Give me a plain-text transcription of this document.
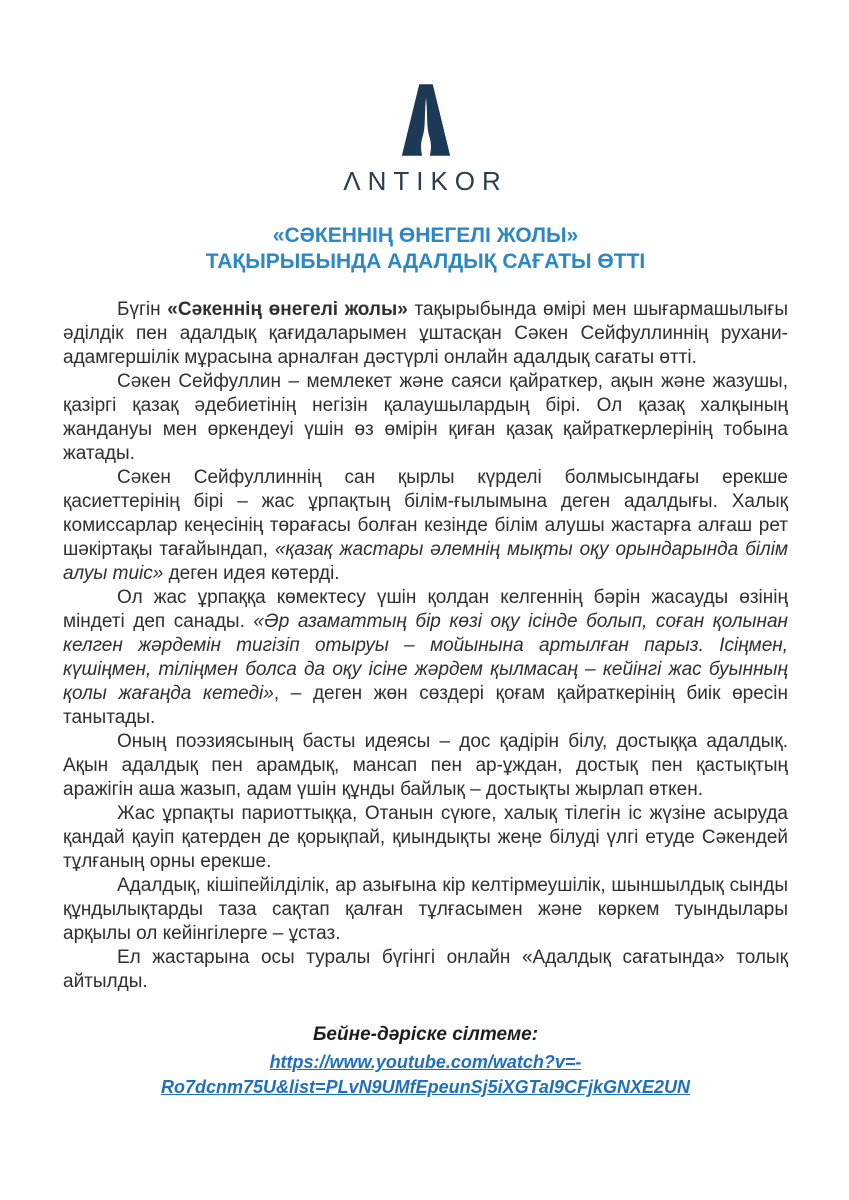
ΛNTIKOR
«СӘКЕННІҢ ӨНЕГЕЛІ ЖОЛЫ»
ТАҚЫРЫБЫНДА АДАЛДЫҚ САҒАТЫ ӨТТІ

Бүгін «Сәкеннің өнегелі жолы» тақырыбында өмірі мен шығармашылығы әділдік пен адалдық қағидаларымен ұштасқан Сәкен Сейфуллиннің рухани-адамгершілік мұрасына арналған дәстүрлі онлайн адалдық сағаты өтті.

Сәкен Сейфуллин – мемлекет және саяси қайраткер, ақын және жазушы, қазіргі қазақ әдебиетінің негізін қалаушылардың бірі. Ол қазақ халқының жандануы мен өркендеуі үшін өз өмірін қиған қазақ қайраткерлерінің тобына жатады.

Сәкен Сейфуллиннің сан қырлы күрделі болмысындағы ерекше қасиеттерінің бірі – жас ұрпақтың білім-ғылымына деген адалдығы. Халық комиссарлар кеңесінің төрағасы болған кезінде білім алушы жастарға алғаш рет шәкіртақы тағайындап, «қазақ жастары әлемнің мықты оқу орындарында білім алуы тиіс» деген идея көтерді.

Ол жас ұрпаққа көмектесу үшін қолдан келгеннің бәрін жасауды өзінің міндеті деп санады. «Әр азаматтың бір көзі оқу ісінде болып, соған қолынан келген жәрдемін тигізіп отыруы – мойынына артылған парыз. Ісіңмен, күшіңмен, тіліңмен болса да оқу ісіне жәрдем қылмасаң – кейінгі жас буынның қолы жағаңда кетеді», – деген жөн сөздері қоғам қайраткерінің биік өресін танытады.

Оның поэзиясының басты идеясы – дос қадірін білу, достыққа адалдық. Ақын адалдық пен арамдық, мансап пен ар-ұждан, достық пен қастықтың аражігін аша жазып, адам үшін құнды байлық – достықты жырлап өткен.

Жас ұрпақты париоттыққа, Отанын сүюге, халық тілегін іс жүзіне асыруда қандай қауіп қатерден де қорықпай, қиындықты жеңе білуді үлгі етуде Сәкендей тұлғаның орны ерекше.

Адалдық, кішіпейілділік, ар азығына кір келтірмеушілік, шыншылдық сынды құндылықтарды таза сақтап қалған тұлғасымен және көркем туындылары арқылы ол кейінгілерге – ұстаз.

Ел жастарына осы туралы бүгінгі онлайн «Адалдық сағатында» толық айтылды.

Бейне-дәріске сілтеме:

https://www.youtube.com/watch?v=-
Ro7dcnm75U&list=PLvN9UMfEpeunSj5iXGTaI9CFjkGNXE2UN
